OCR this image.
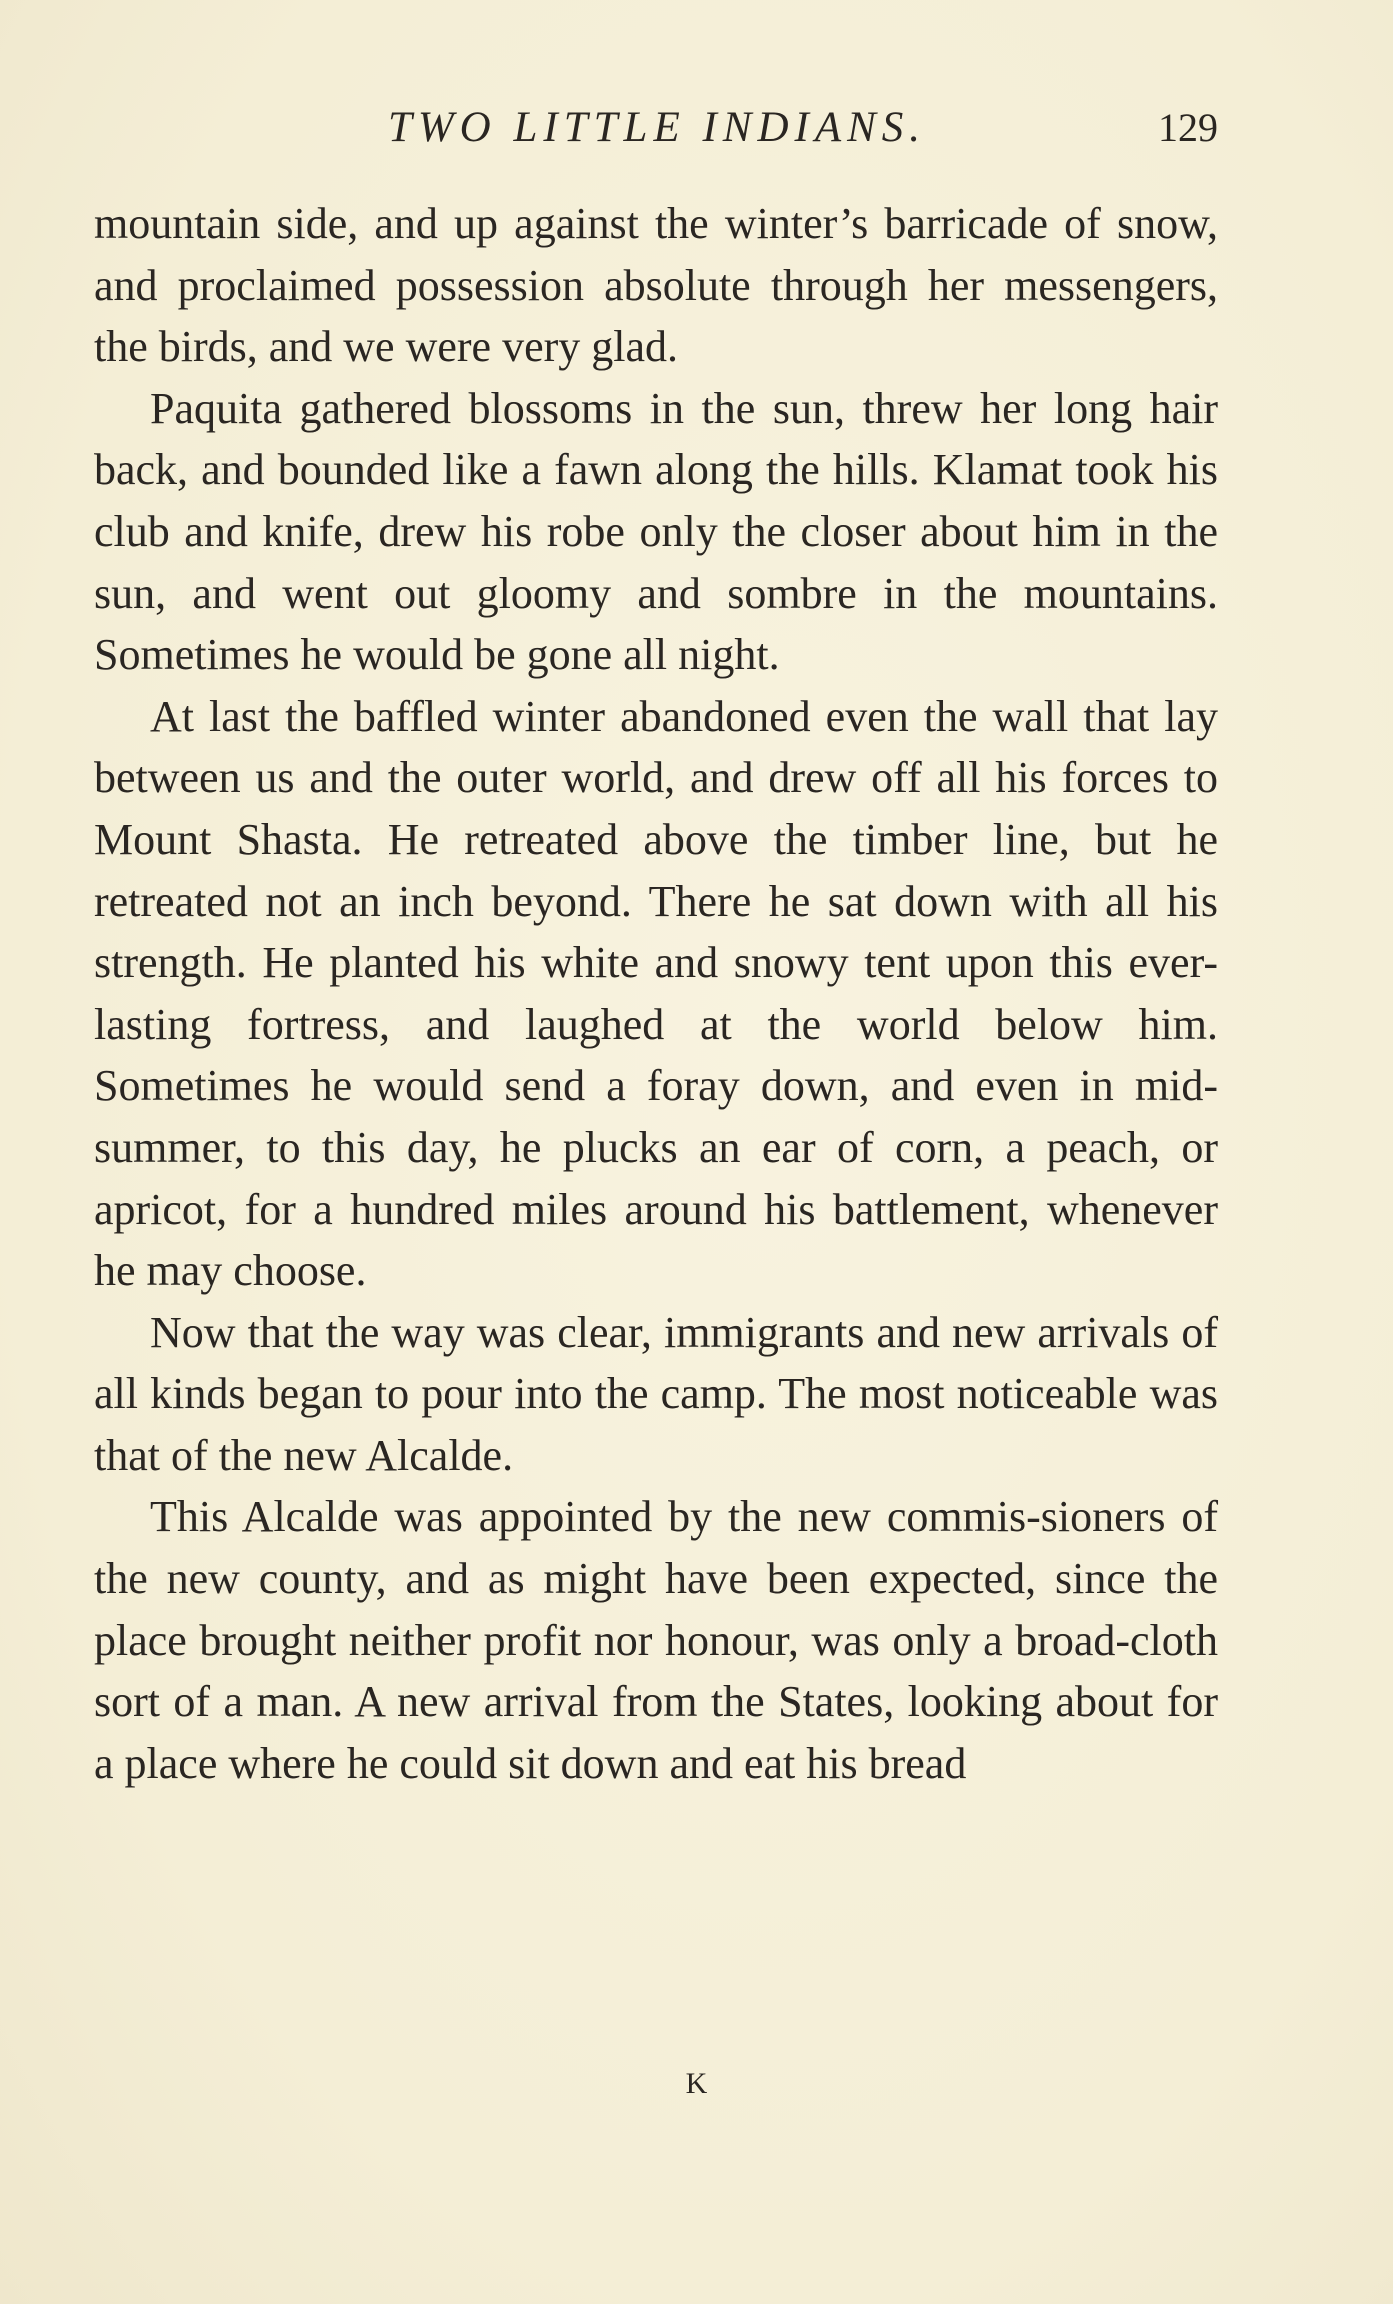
TWO LITTLE INDIANS.	129

mountain side, and up against the winter’s barricade of snow, and proclaimed possession absolute through her messengers, the birds, and we were very glad.

Paquita gathered blossoms in the sun, threw her long hair back, and bounded like a fawn along the hills. Klamat took his club and knife, drew his robe only the closer about him in the sun, and went out gloomy and sombre in the mountains. Sometimes he would be gone all night.

At last the baffled winter abandoned even the wall that lay between us and the outer world, and drew off all his forces to Mount Shasta. He retreated above the timber line, but he retreated not an inch beyond. There he sat down with all his strength. He planted his white and snowy tent upon this ever-lasting fortress, and laughed at the world below him. Sometimes he would send a foray down, and even in mid-summer, to this day, he plucks an ear of corn, a peach, or apricot, for a hundred miles around his battlement, whenever he may choose.

Now that the way was clear, immigrants and new arrivals of all kinds began to pour into the camp. The most noticeable was that of the new Alcalde.

This Alcalde was appointed by the new commis-sioners of the new county, and as might have been expected, since the place brought neither profit nor honour, was only a broad-cloth sort of a man. A new arrival from the States, looking about for a place where he could sit down and eat his bread

K
